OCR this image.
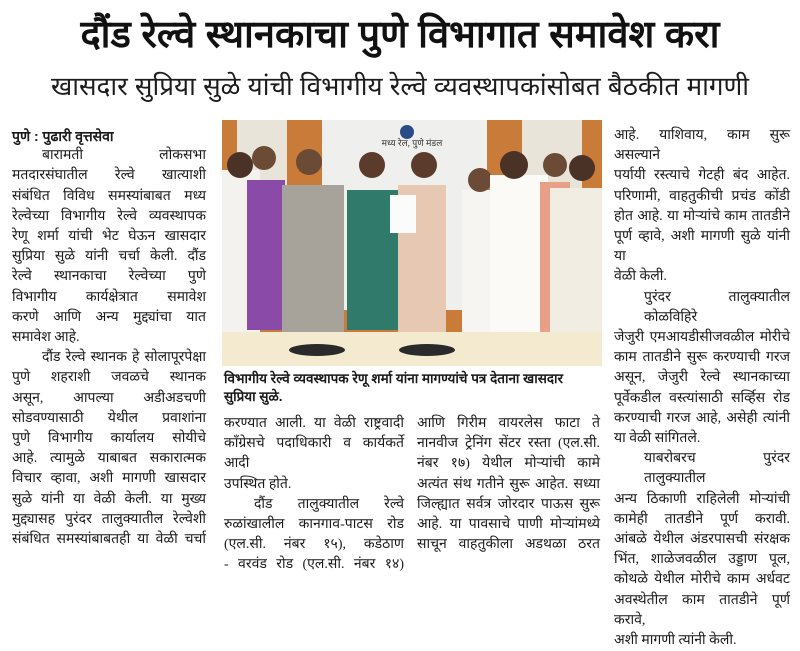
दौंड रेल्वे स्थानकाचा पुणे विभागात समावेश करा
खासदार सुप्रिया सुळे यांची विभागीय रेल्वे व्यवस्थापकांसोबत बैठकीत मागणी
पुणे : पुढारी वृत्तसेवा
बारामती लोकसभा
मतदारसंघातील रेल्वे खात्याशी
संबंधित विविध समस्यांबाबत मध्य
रेल्वेच्या विभागीय रेल्वे व्यवस्थापक
रेणू शर्मा यांची भेट घेऊन खासदार
सुप्रिया सुळे यांनी चर्चा केली. दौंड
रेल्वे स्थानकाचा रेल्वेच्या पुणे
विभागीय कार्यक्षेत्रात समावेश
करणे आणि अन्य मुद्द्यांचा यात
समावेश आहे.
दौंड रेल्वे स्थानक हे सोलापूरपेक्षा
पुणे शहराशी जवळचे स्थानक
असून, आपल्या अडीअडचणी
सोडवण्यासाठी येथील प्रवाशांना
पुणे विभागीय कार्यालय सोयीचे
आहे. त्यामुळे याबाबत सकारात्मक
विचार व्हावा, अशी मागणी खासदार
सुळे यांनी या वेळी केली. या मुख्य
मुद्द्यासह पुरंदर तालुक्यातील रेल्वेशी
संबंधित समस्यांबाबतही या वेळी चर्चा
मध्य रेल, पुणे मंडल
विभागीय रेल्वे व्यवस्थापक रेणू शर्मा यांना मागण्यांचे पत्र देताना खासदार
सुप्रिया सुळे.
करण्यात आली. या वेळी राष्ट्रवादी
काँग्रेसचे पदाधिकारी व कार्यकर्ते आदी
उपस्थित होते.
दौंड तालुक्यातील रेल्वे
रुळांखालील कानगाव-पाटस रोड
(एल.सी. नंबर १५), कडेठाण
- वरवंड रोड (एल.सी. नंबर १४)
आणि गिरीम वायरलेस फाटा ते
नानवीज ट्रेनिंग सेंटर रस्ता (एल.सी.
नंबर १७) येथील मोऱ्यांची कामे
अत्यंत संथ गतीने सुरू आहेत. सध्या
जिल्ह्यात सर्वत्र जोरदार पाऊस सुरू
आहे. या पावसाचे पाणी मोऱ्यांमध्ये
साचून वाहतुकीला अडथळा ठरत
आहे. याशिवाय, काम सुरू असल्याने
पर्यायी रस्त्याचे गेटही बंद आहेत.
परिणामी, वाहतुकीची प्रचंड कोंडी
होत आहे. या मोऱ्यांचे काम तातडीने
पूर्ण व्हावे, अशी मागणी सुळे यांनी या
वेळी केली.
पुरंदर तालुक्यातील कोळविहिरे
जेजुरी एमआयडीसीजवळील मोरीचे
काम तातडीने सुरू करण्याची गरज
असून, जेजुरी रेल्वे स्थानकाच्या
पूर्वेकडील वस्त्यांसाठी सर्व्हिस रोड
करण्याची गरज आहे, असेही त्यांनी
या वेळी सांगितले.
याबरोबरच पुरंदर तालुक्यातील
अन्य ठिकाणी राहिलेली मोऱ्यांची
कामेही तातडीने पूर्ण करावी.
आंबळे येथील अंडरपासची संरक्षक
भिंत, शाळेजवळील उड्डाण पूल,
कोथळे येथील मोरीचे काम अर्धवट
अवस्थेतील काम तातडीने पूर्ण करावे,
अशी मागणी त्यांनी केली.
